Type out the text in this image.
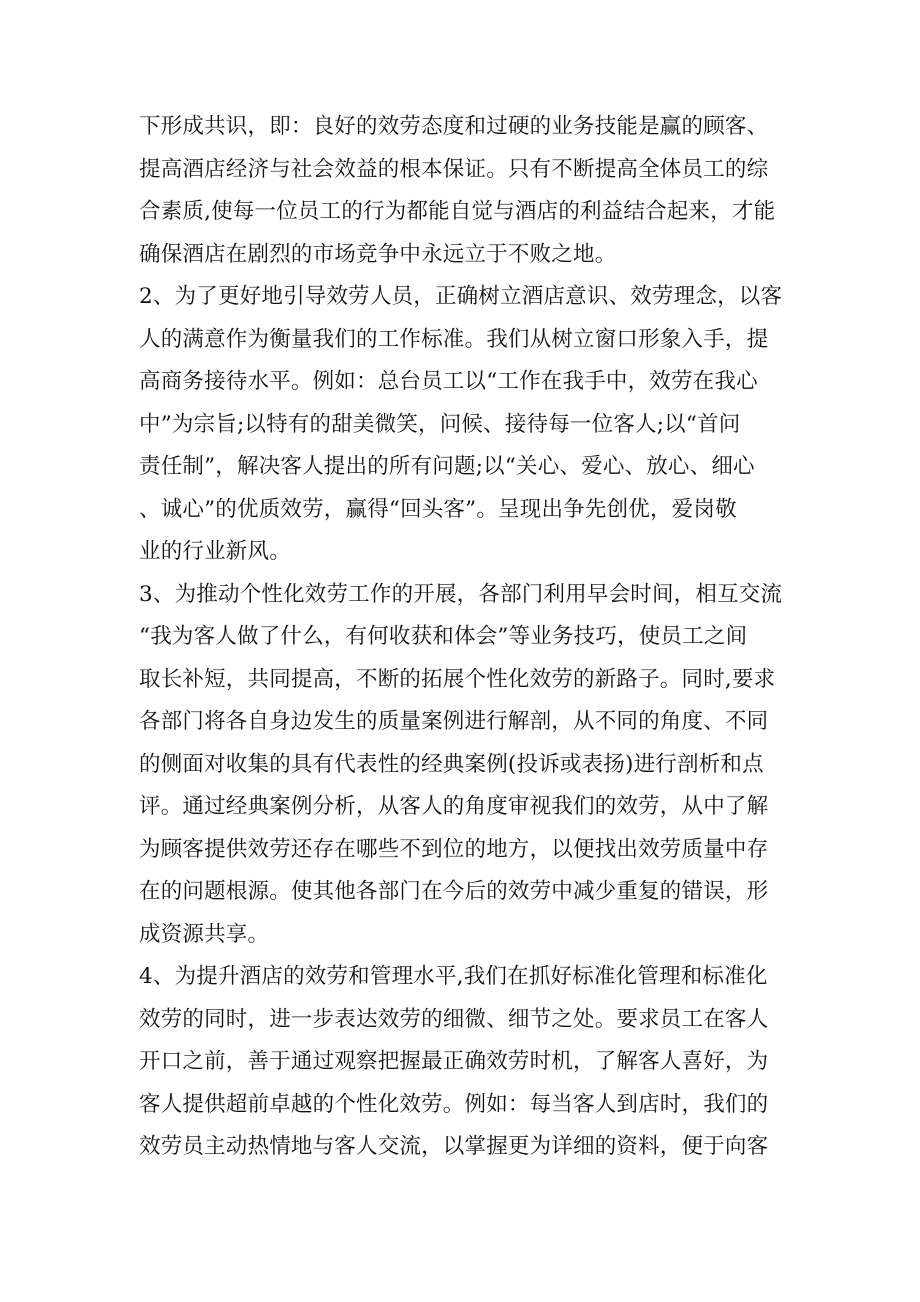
下形成共识，即：良好的效劳态度和过硬的业务技能是赢的顾客、
提高酒店经济与社会效益的根本保证。只有不断提高全体员工的综
合素质,使每一位员工的行为都能自觉与酒店的利益结合起来，才能
确保酒店在剧烈的市场竞争中永远立于不败之地。
2、为了更好地引导效劳人员，正确树立酒店意识、效劳理念，以客
人的满意作为衡量我们的工作标准。我们从树立窗口形象入手，提
高商务接待水平。例如：总台员工以“工作在我手中，效劳在我心
中”为宗旨;以特有的甜美微笑，问候、接待每一位客人;以“首问
责任制”，解决客人提出的所有问题;以“关心、爱心、放心、细心
、诚心”的优质效劳，赢得“回头客”。呈现出争先创优，爱岗敬
业的行业新风。
3、为推动个性化效劳工作的开展，各部门利用早会时间，相互交流
“我为客人做了什么，有何收获和体会”等业务技巧，使员工之间
取长补短，共同提高，不断的拓展个性化效劳的新路子。同时,要求
各部门将各自身边发生的质量案例进行解剖，从不同的角度、不同
的侧面对收集的具有代表性的经典案例(投诉或表扬)进行剖析和点
评。通过经典案例分析，从客人的角度审视我们的效劳，从中了解
为顾客提供效劳还存在哪些不到位的地方，以便找出效劳质量中存
在的问题根源。使其他各部门在今后的效劳中减少重复的错误，形
成资源共享。
4、为提升酒店的效劳和管理水平,我们在抓好标准化管理和标准化
效劳的同时，进一步表达效劳的细微、细节之处。要求员工在客人
开口之前，善于通过观察把握最正确效劳时机，了解客人喜好，为
客人提供超前卓越的个性化效劳。例如：每当客人到店时，我们的
效劳员主动热情地与客人交流，以掌握更为详细的资料，便于向客
